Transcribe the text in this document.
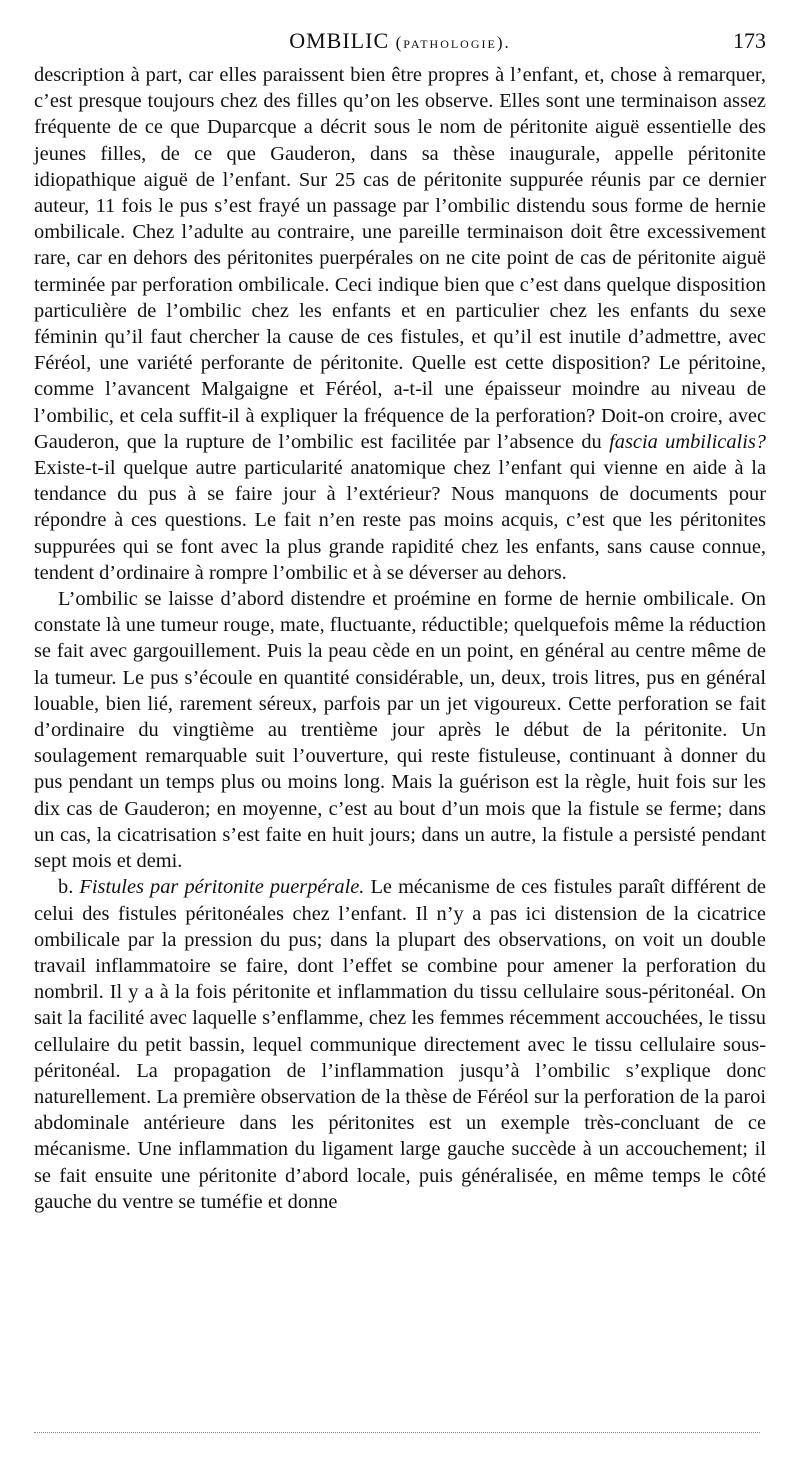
OMBILIC (pathologie).	173

description à part, car elles paraissent bien être propres à l’enfant, et, chose à remarquer, c’est presque toujours chez des filles qu’on les observe. Elles sont une terminaison assez fréquente de ce que Duparcque a décrit sous le nom de péritonite aiguë essentielle des jeunes filles, de ce que Gauderon, dans sa thèse inaugurale, appelle péritonite idiopathique aiguë de l’enfant. Sur 25 cas de péritonite suppurée réunis par ce dernier auteur, 11 fois le pus s’est frayé un passage par l’ombilic distendu sous forme de hernie ombilicale. Chez l’adulte au contraire, une pareille terminaison doit être excessivement rare, car en dehors des péritonites puerpérales on ne cite point de cas de péritonite aiguë terminée par perforation ombilicale. Ceci indique bien que c’est dans quelque disposition particulière de l’ombilic chez les enfants et en particulier chez les enfants du sexe féminin qu’il faut chercher la cause de ces fistules, et qu’il est inutile d’admettre, avec Féréol, une variété perforante de péritonite. Quelle est cette disposition? Le péritoine, comme l’avancent Malgaigne et Féréol, a-t-il une épaisseur moindre au niveau de l’ombilic, et cela suffit-il à expliquer la fréquence de la perforation? Doit-on croire, avec Gauderon, que la rupture de l’ombilic est facilitée par l’absence du fascia umbilicalis? Existe-t-il quelque autre particularité anatomique chez l’enfant qui vienne en aide à la tendance du pus à se faire jour à l’extérieur? Nous manquons de documents pour répondre à ces questions. Le fait n’en reste pas moins acquis, c’est que les péritonites suppurées qui se font avec la plus grande rapidité chez les enfants, sans cause connue, tendent d’ordinaire à rompre l’ombilic et à se déverser au dehors.

L’ombilic se laisse d’abord distendre et proémine en forme de hernie ombilicale. On constate là une tumeur rouge, mate, fluctuante, réductible; quelquefois même la réduction se fait avec gargouillement. Puis la peau cède en un point, en général au centre même de la tumeur. Le pus s’écoule en quantité considérable, un, deux, trois litres, pus en général louable, bien lié, rarement séreux, parfois par un jet vigoureux. Cette perforation se fait d’ordinaire du vingtième au trentième jour après le début de la péritonite. Un soulagement remarquable suit l’ouverture, qui reste fistuleuse, continuant à donner du pus pendant un temps plus ou moins long. Mais la guérison est la règle, huit fois sur les dix cas de Gauderon; en moyenne, c’est au bout d’un mois que la fistule se ferme; dans un cas, la cicatrisation s’est faite en huit jours; dans un autre, la fistule a persisté pendant sept mois et demi.

b. Fistules par péritonite puerpérale. Le mécanisme de ces fistules paraît différent de celui des fistules péritonéales chez l’enfant. Il n’y a pas ici distension de la cicatrice ombilicale par la pression du pus; dans la plupart des observations, on voit un double travail inflammatoire se faire, dont l’effet se combine pour amener la perforation du nombril. Il y a à la fois péritonite et inflammation du tissu cellulaire sous-péritonéal. On sait la facilité avec laquelle s’enflamme, chez les femmes récemment accouchées, le tissu cellulaire du petit bassin, lequel communique directement avec le tissu cellulaire sous-péritonéal. La propagation de l’inflammation jusqu’à l’ombilic s’explique donc naturellement. La première observation de la thèse de Féréol sur la perforation de la paroi abdominale antérieure dans les péritonites est un exemple très-concluant de ce mécanisme. Une inflammation du ligament large gauche succède à un accouchement; il se fait ensuite une péritonite d’abord locale, puis généralisée, en même temps le côté gauche du ventre se tuméfie et donne
